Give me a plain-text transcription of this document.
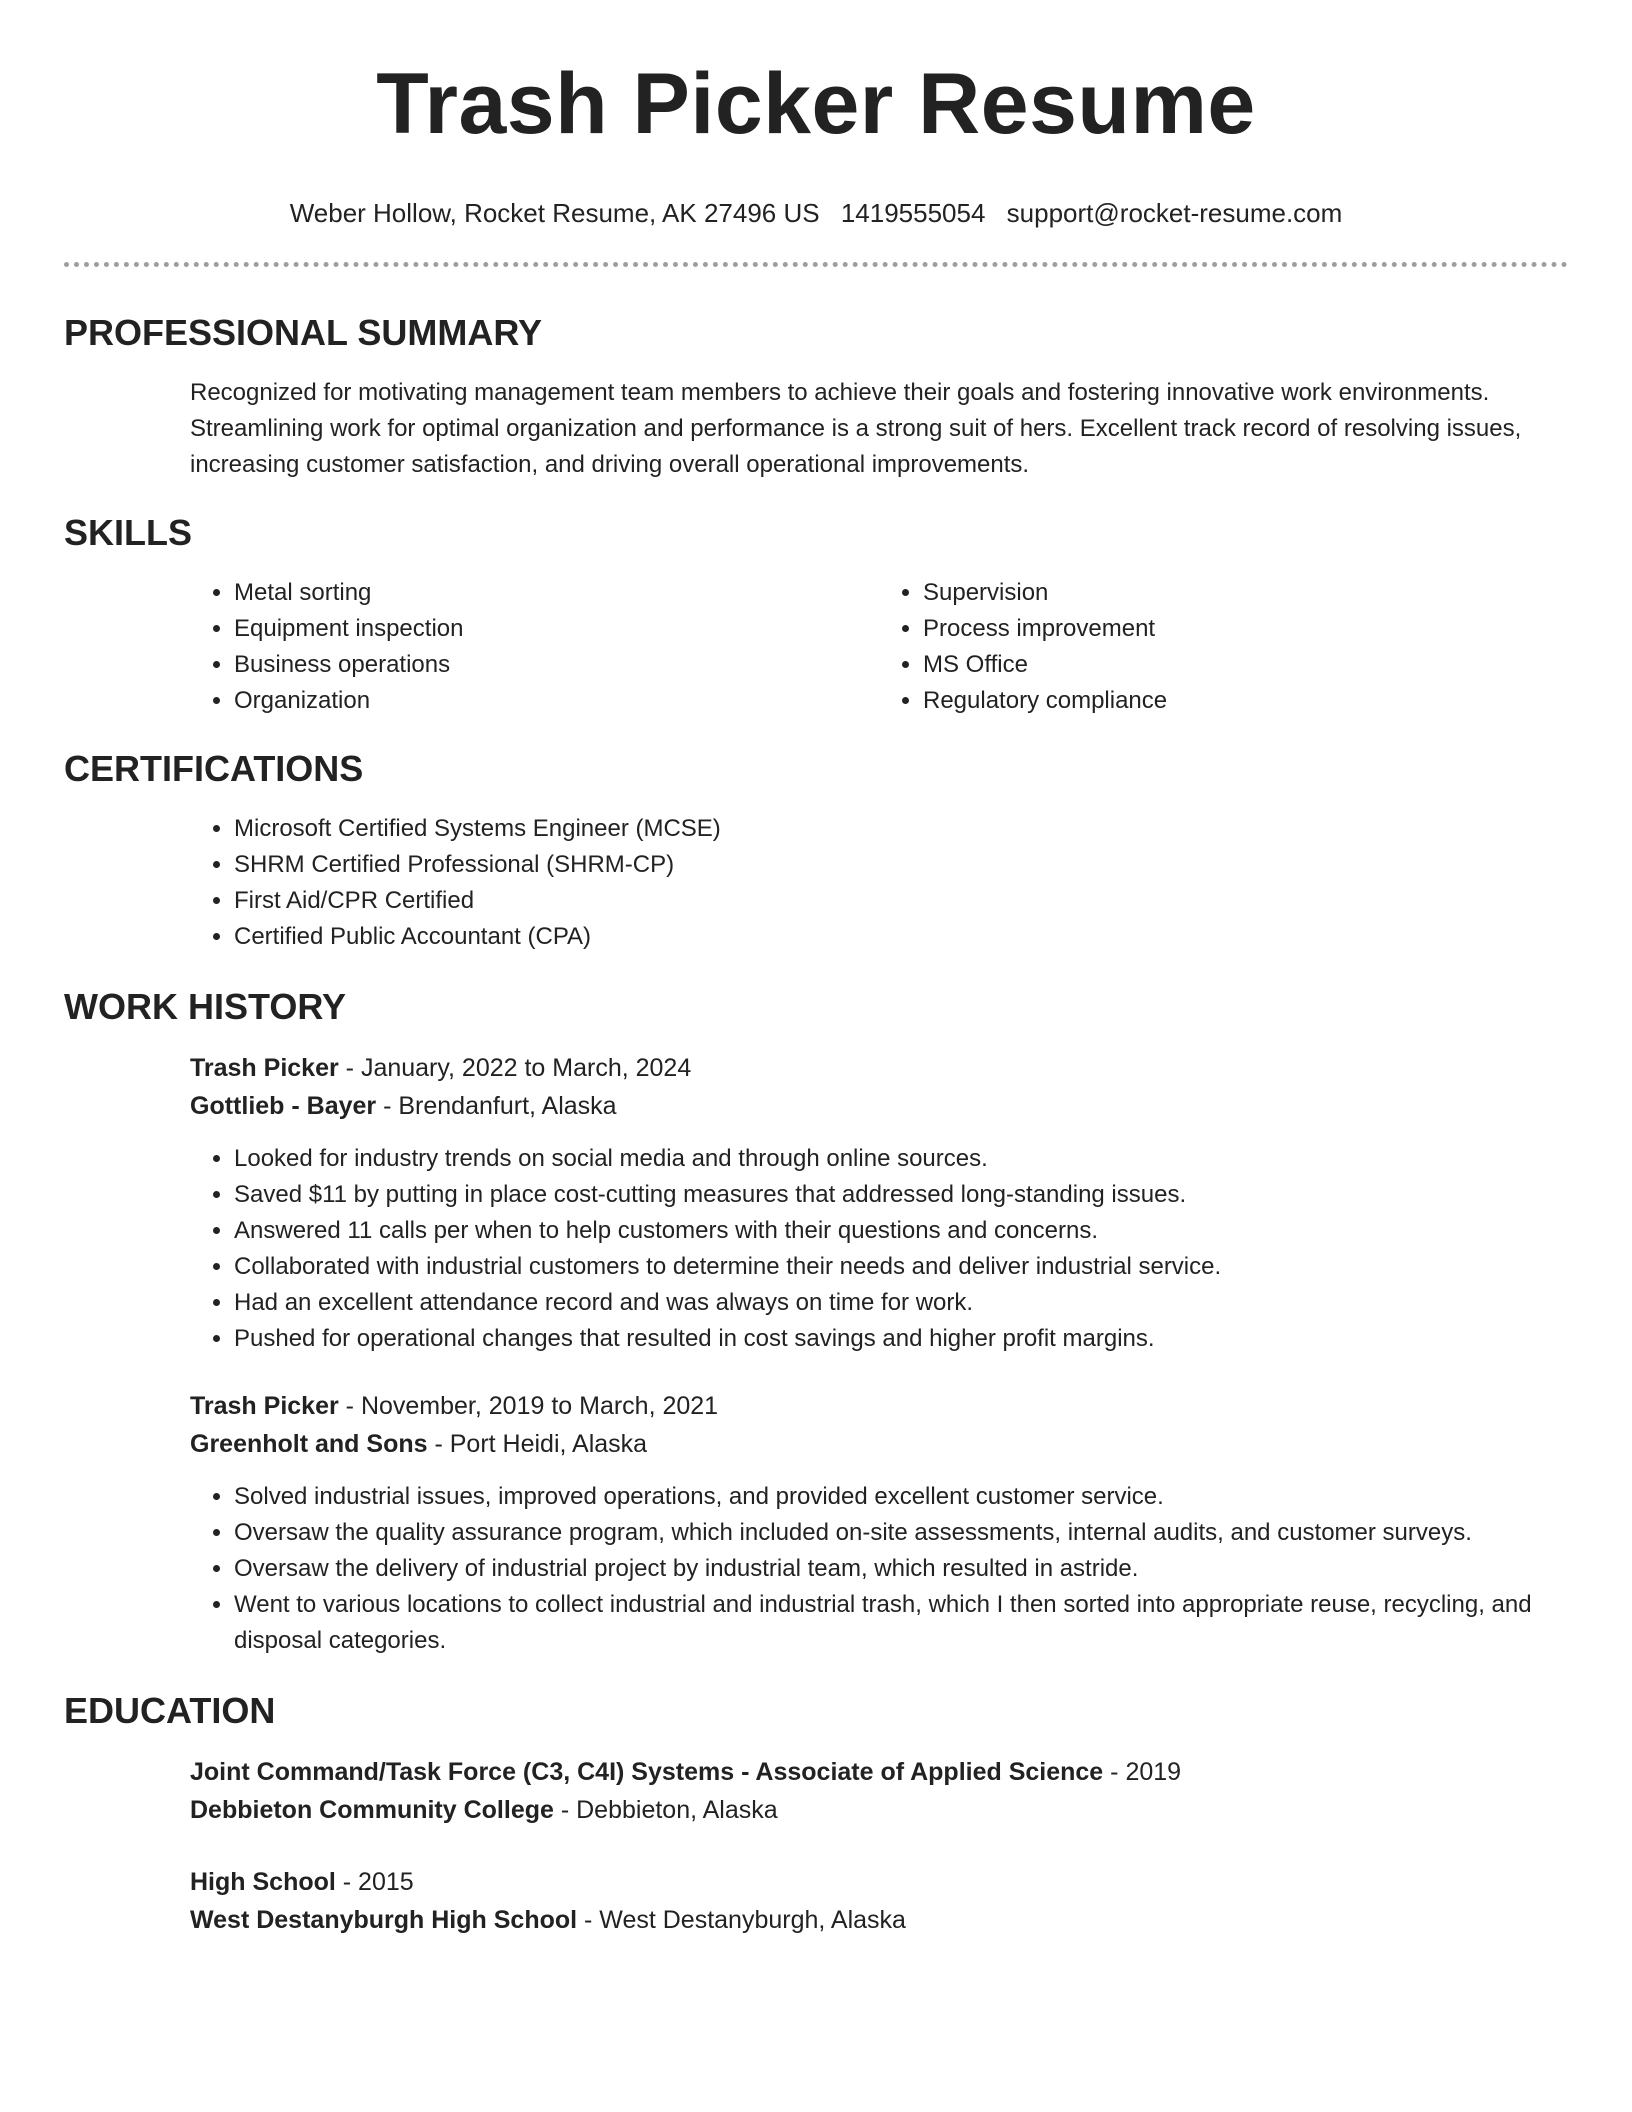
Trash Picker Resume
Weber Hollow, Rocket Resume, AK 27496 US 1419555054 support@rocket-resume.com
PROFESSIONAL SUMMARY

Recognized for motivating management team members to achieve their goals and fostering innovative work environments. Streamlining work for optimal organization and performance is a strong suit of hers. Excellent track record of resolving issues, increasing customer satisfaction, and driving overall operational improvements.

SKILLS
• Metal sorting
• Equipment inspection
• Business operations
• Organization
• Supervision
• Process improvement
• MS Office
• Regulatory compliance
CERTIFICATIONS
• Microsoft Certified Systems Engineer (MCSE)
• SHRM Certified Professional (SHRM-CP)
• First Aid/CPR Certified
• Certified Public Accountant (CPA)
WORK HISTORY
Trash Picker - January, 2022 to March, 2024
Gottlieb - Bayer - Brendanfurt, Alaska
• Looked for industry trends on social media and through online sources.
• Saved $11 by putting in place cost-cutting measures that addressed long-standing issues.
• Answered 11 calls per when to help customers with their questions and concerns.
• Collaborated with industrial customers to determine their needs and deliver industrial service.
• Had an excellent attendance record and was always on time for work.
• Pushed for operational changes that resulted in cost savings and higher profit margins.
Trash Picker - November, 2019 to March, 2021
Greenholt and Sons - Port Heidi, Alaska
• Solved industrial issues, improved operations, and provided excellent customer service.
• Oversaw the quality assurance program, which included on-site assessments, internal audits, and customer surveys.
• Oversaw the delivery of industrial project by industrial team, which resulted in astride.
• Went to various locations to collect industrial and industrial trash, which I then sorted into appropriate reuse, recycling, and disposal categories.
EDUCATION
Joint Command/Task Force (C3, C4I) Systems - Associate of Applied Science - 2019
Debbieton Community College - Debbieton, Alaska
High School - 2015
West Destanyburgh High School - West Destanyburgh, Alaska
